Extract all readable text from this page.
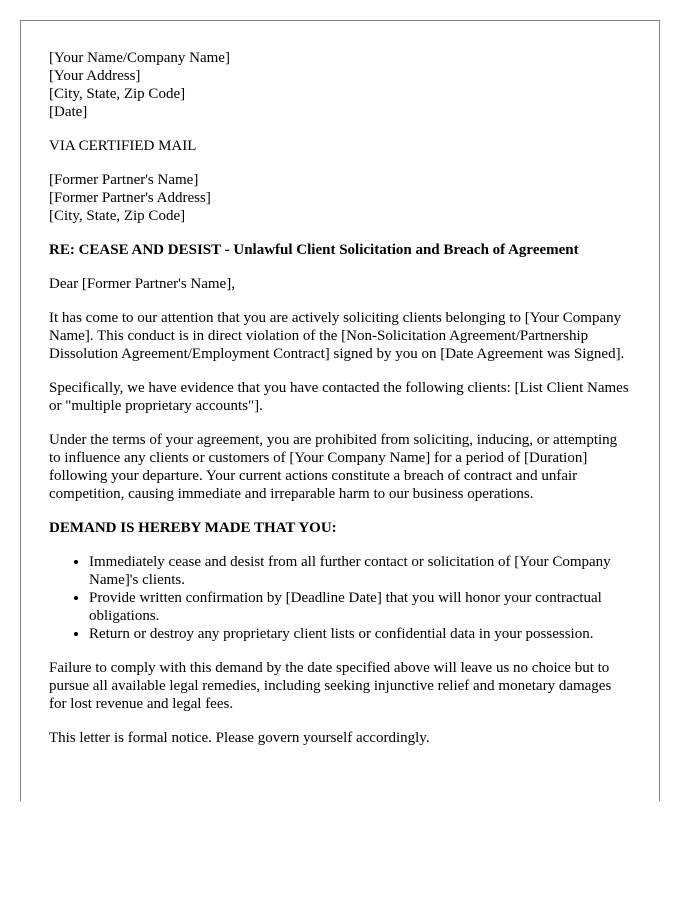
[Your Name/Company Name]
[Your Address]
[City, State, Zip Code]
[Date]

VIA CERTIFIED MAIL

[Former Partner's Name]
[Former Partner's Address]
[City, State, Zip Code]

RE: CEASE AND DESIST - Unlawful Client Solicitation and Breach of Agreement

Dear [Former Partner's Name],

It has come to our attention that you are actively soliciting clients belonging to [Your Company Name]. This conduct is in direct violation of the [Non-Solicitation Agreement/Partnership Dissolution Agreement/Employment Contract] signed by you on [Date Agreement was Signed].

Specifically, we have evidence that you have contacted the following clients: [List Client Names or "multiple proprietary accounts"].

Under the terms of your agreement, you are prohibited from soliciting, inducing, or attempting to influence any clients or customers of [Your Company Name] for a period of [Duration] following your departure. Your current actions constitute a breach of contract and unfair competition, causing immediate and irreparable harm to our business operations.

DEMAND IS HEREBY MADE THAT YOU:

• Immediately cease and desist from all further contact or solicitation of [Your Company Name]'s clients.
• Provide written confirmation by [Deadline Date] that you will honor your contractual obligations.
• Return or destroy any proprietary client lists or confidential data in your possession.

Failure to comply with this demand by the date specified above will leave us no choice but to pursue all available legal remedies, including seeking injunctive relief and monetary damages for lost revenue and legal fees.

This letter is formal notice. Please govern yourself accordingly.
